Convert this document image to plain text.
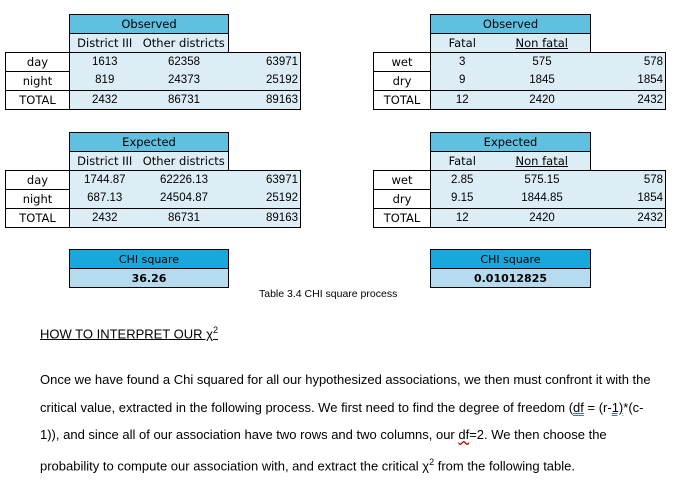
	Observed		
	District III	Other districts	
day	1613	62358	63971
night	819	24373	25192
TOTAL	2432	86731	89163
	Observed		
	Fatal	Non fatal	
wet	3	575	578
dry	9	1845	1854
TOTAL	12	2420	2432
	Expected		
	District III	Other districts	
day	1744.87	62226.13	63971
night	687.13	24504.87	25192
TOTAL	2432	86731	89163
	Expected		
	Fatal	Non fatal	
wet	2.85	575.15	578
dry	9.15	1844.85	1854
TOTAL	12	2420	2432
CHI square
36.26
CHI square
0.01012825
Table 3.4 CHI square process
HOW TO INTERPRET OUR $\chi^2$
Once we have found a Chi squared for all our hypothesized associations, we then must confront it with the critical value, extracted in the following process. We first need to find the degree of freedom (df = (r-1)*(c-1)), and since all of our association have two rows and two columns, our df=2. We then choose the probability to compute our association with, and extract the critical $\chi^2$ from the following table.
